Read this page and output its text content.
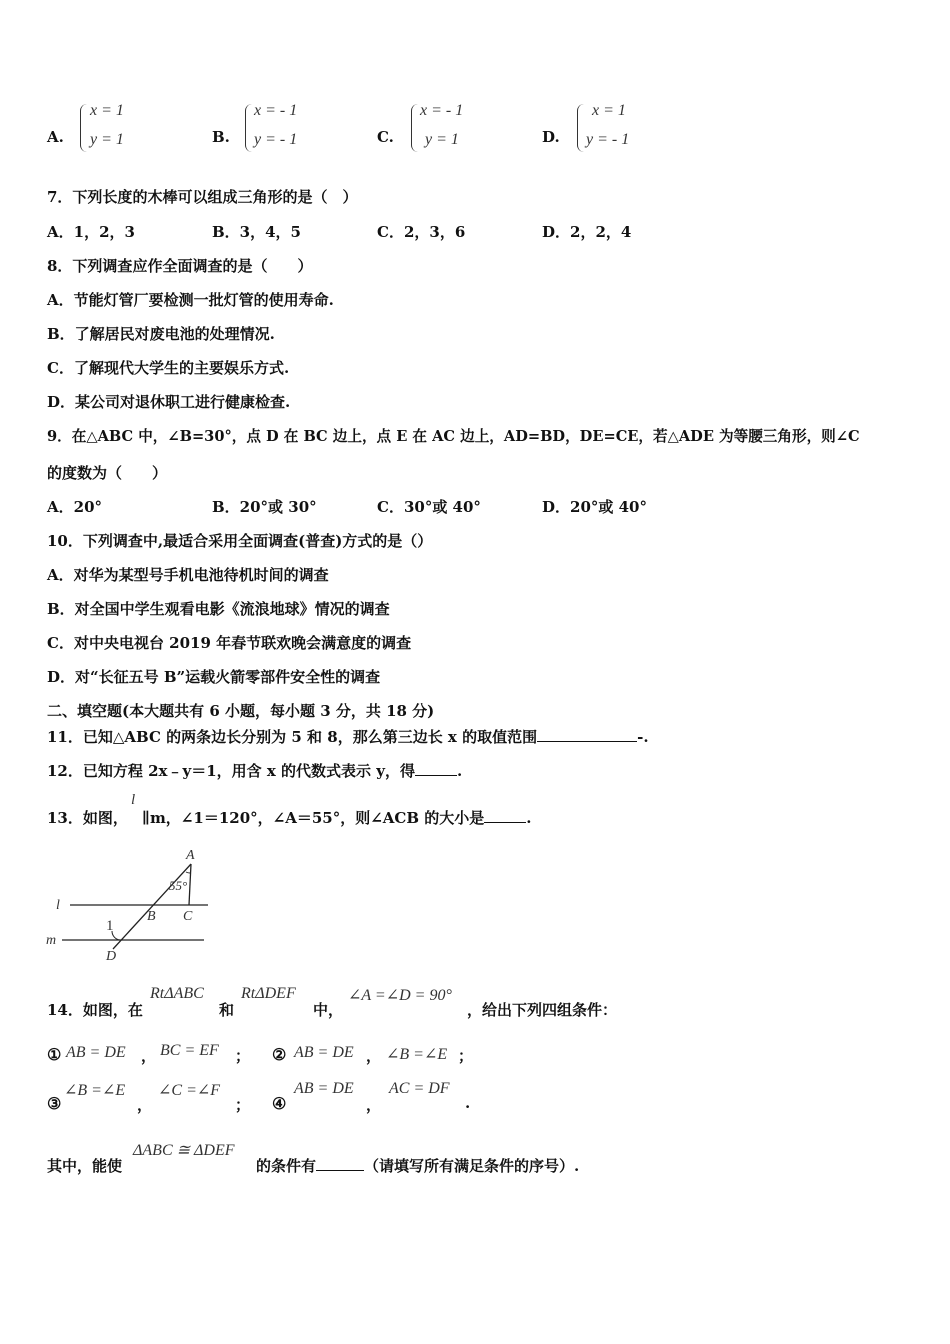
A.
x = 1
y = 1	B.
x = - 1
y = - 1	C.
x = - 1
y = 1	D.
x = 1
y = - 1
7．下列长度的木棒可以组成三角形的是（　）
A．1，2，3	B．3，4，5	C．2，3，6	D．2，2，4
8．下列调查应作全面调查的是（　　）
A．节能灯管厂要检测一批灯管的使用寿命.
B．了解居民对废电池的处理情况.
C．了解现代大学生的主要娱乐方式.
D．某公司对退休职工进行健康检查.
9．在△ABC 中，∠B=30°，点 D 在 BC 边上，点 E 在 AC 边上，AD=BD，DE=CE，若△ADE 为等腰三角形，则∠C
的度数为（　　）
A．20°	B．20°或 30°	C．30°或 40°	D．20°或 40°
10．下列调查中,最适合采用全面调查(普查)方式的是（）
A．对华为某型号手机电池待机时间的调查
B．对全国中学生观看电影《流浪地球》情况的调查
C．对中央电视台 2019 年春节联欢晚会满意度的调查
D．对“长征五号 B”运载火箭零部件安全性的调查
二、填空题(本大题共有 6 小题，每小题 3 分，共 18 分)
11．已知△ABC 的两条边长分别为 5 和 8，那么第三边长 x 的取值范围	-.
12．已知方程 2x﹣y＝1，用含 x 的代数式表示 y，得	.
13．如图，
l
∥m，∠1＝120°，∠A＝55°，则∠ACB 的大小是	.
A
55°
B C
1
D
l
m
14．如图，在
RtΔABC
和
RtΔDEF
中，
∠A =∠D = 90°
，给出下列四组条件：
① AB = DE ， BC = EF ； ② AB = DE ， ∠B =∠E ；
③
∠B =∠E
，
∠C =∠F
； ④
AB = DE
，
AC = DF
.
其中，能使
ΔABC ≅ ΔDEF
的条件有	（请填写所有满足条件的序号）.
